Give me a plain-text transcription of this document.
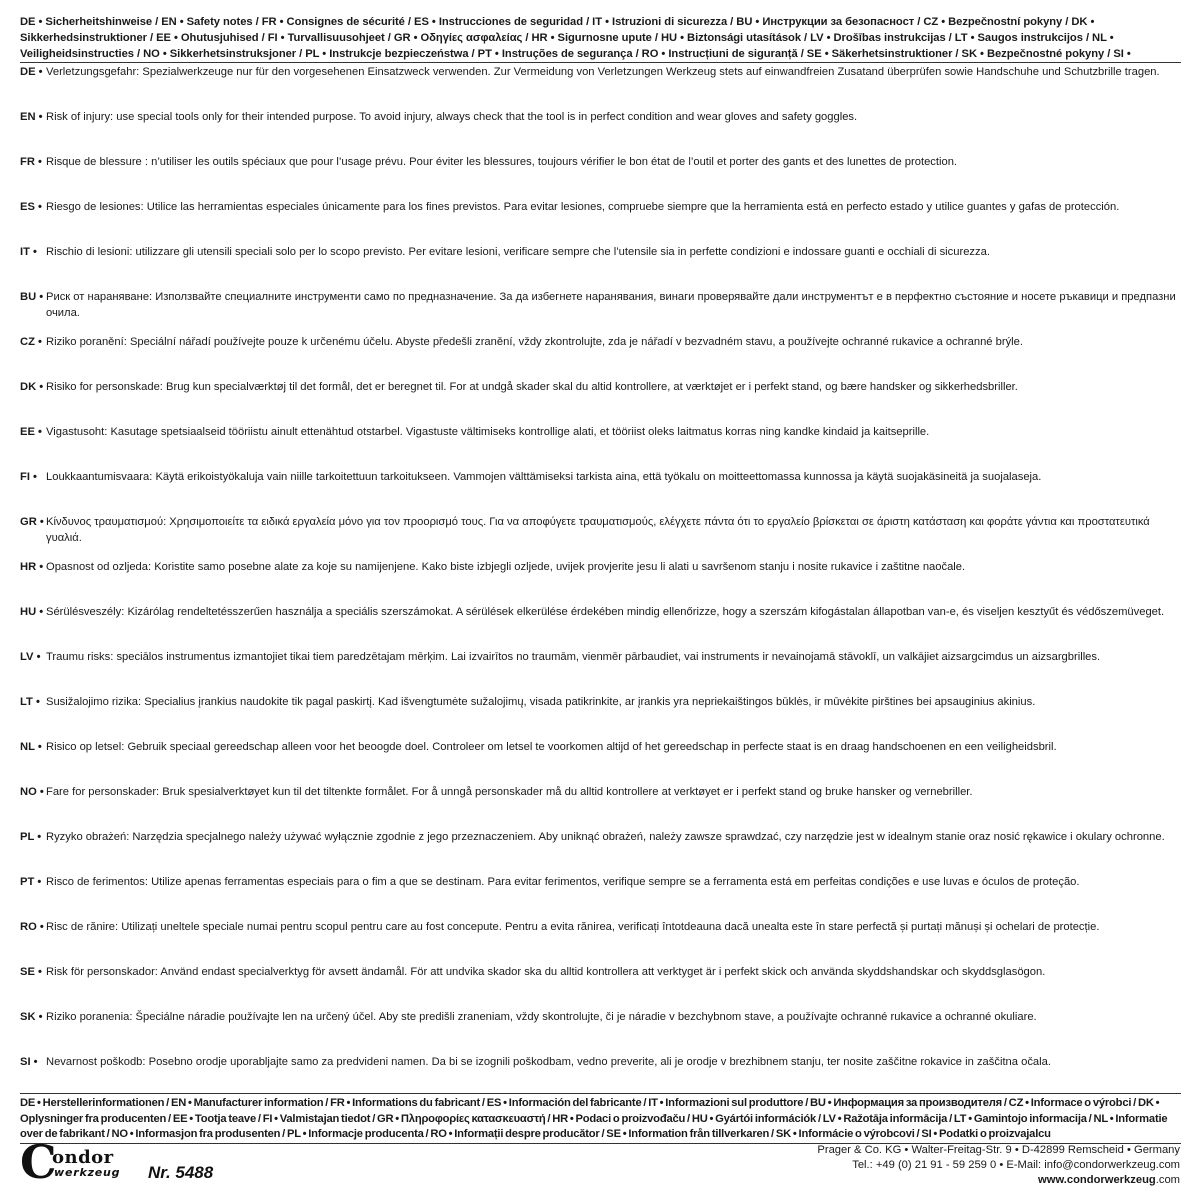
DE • Sicherheitshinweise / EN • Safety notes / FR • Consignes de sécurité / ES • Instrucciones de seguridad / IT • Istruzioni di sicurezza / BU • Инструкции за безопасност / CZ • Bezpečnostní pokyny / DK • Sikkerhedsinstruktioner / EE • Ohutusjuhised / FI • Turvallisuusohjeet / GR • Οδηγίες ασφαλείας / HR • Sigurnosne upute / HU • Biztonsági utasítások / LV • Drošības instrukcijas / LT • Saugos instrukcijos / NL • Veiligheidsinstructies / NO • Sikkerhetsinstruksjoner / PL • Instrukcje bezpieczeństwa / PT • Instruções de segurança / RO • Instrucțiuni de siguranță / SE • Säkerhetsinstruktioner / SK • Bezpečnostné pokyny / SI •
DE • Verletzungsgefahr: Spezialwerkzeuge nur für den vorgesehenen Einsatzweck verwenden. Zur Vermeidung von Verletzungen Werkzeug stets auf einwandfreien Zusatand überprüfen sowie Handschuhe und Schutzbrille tragen.
EN • Risk of injury: use special tools only for their intended purpose. To avoid injury, always check that the tool is in perfect condition and wear gloves and safety goggles.
FR • Risque de blessure : n’utiliser les outils spéciaux que pour l’usage prévu. Pour éviter les blessures, toujours vérifier le bon état de l’outil et porter des gants et des lunettes de protection.
ES • Riesgo de lesiones: Utilice las herramientas especiales únicamente para los fines previstos. Para evitar lesiones, compruebe siempre que la herramienta está en perfecto estado y utilice guantes y gafas de protección.
IT • Rischio di lesioni: utilizzare gli utensili speciali solo per lo scopo previsto. Per evitare lesioni, verificare sempre che l’utensile sia in perfette condizioni e indossare guanti e occhiali di sicurezza.
BU • Риск от нараняване: Използвайте специалните инструменти само по предназначение. За да избегнете наранявания, винаги проверявайте дали инструментът е в перфектно състояние и носете ръкавици и предпазни очила.
CZ • Riziko poranění: Speciální nářadí používejte pouze k určenému účelu. Abyste předešli zranění, vždy zkontrolujte, zda je nářadí v bezvadném stavu, a používejte ochranné rukavice a ochranné brýle.
DK • Risiko for personskade: Brug kun specialværktøj til det formål, det er beregnet til. For at undgå skader skal du altid kontrollere, at værktøjet er i perfekt stand, og bære handsker og sikkerhedsbriller.
EE • Vigastusoht: Kasutage spetsiaalseid tööriistu ainult ettenähtud otstarbel. Vigastuste vältimiseks kontrollige alati, et tööriist oleks laitmatus korras ning kandke kindaid ja kaitseprille.
FI • Loukkaantumisvaara: Käytä erikoistyökaluja vain niille tarkoitettuun tarkoitukseen. Vammojen välttämiseksi tarkista aina, että työkalu on moitteettomassa kunnossa ja käytä suojakäsineitä ja suojalaseja.
GR • Κίνδυνος τραυματισμού: Χρησιμοποιείτε τα ειδικά εργαλεία μόνο για τον προορισμό τους. Για να αποφύγετε τραυματισμούς, ελέγχετε πάντα ότι το εργαλείο βρίσκεται σε άριστη κατάσταση και φοράτε γάντια και προστατευτικά γυαλιά.
HR • Opasnost od ozljeda: Koristite samo posebne alate za koje su namijenjene. Kako biste izbjegli ozljede, uvijek provjerite jesu li alati u savršenom stanju i nosite rukavice i zaštitne naočale.
HU • Sérülésveszély: Kizárólag rendeltetésszerűen használja a speciális szerszámokat. A sérülések elkerülése érdekében mindig ellenőrizze, hogy a szerszám kifogástalan állapotban van-e, és viseljen kesztyűt és védőszemüveget.
LV • Traumu risks: speciālos instrumentus izmantojiet tikai tiem paredzētajam mērķim. Lai izvairītos no traumām, vienmēr pārbaudiet, vai instruments ir nevainojamā stāvoklī, un valkājiet aizsargcimdus un aizsargbrilles.
LT • Susižalojimo rizika: Specialius įrankius naudokite tik pagal paskirtį. Kad išvengtumėte sužalojimų, visada patikrinkite, ar įrankis yra nepriekaištingos būklės, ir mūvėkite pirštines bei apsauginius akinius.
NL • Risico op letsel: Gebruik speciaal gereedschap alleen voor het beoogde doel. Controleer om letsel te voorkomen altijd of het gereedschap in perfecte staat is en draag handschoenen en een veiligheidsbril.
NO • Fare for personskader: Bruk spesialverktøyet kun til det tiltenkte formålet. For å unngå personskader må du alltid kontrollere at verktøyet er i perfekt stand og bruke hansker og vernebriller.
PL • Ryzyko obrażeń: Narzędzia specjalnego należy używać wyłącznie zgodnie z jego przeznaczeniem. Aby uniknąć obrażeń, należy zawsze sprawdzać, czy narzędzie jest w idealnym stanie oraz nosić rękawice i okulary ochronne.
PT • Risco de ferimentos: Utilize apenas ferramentas especiais para o fim a que se destinam. Para evitar ferimentos, verifique sempre se a ferramenta está em perfeitas condições e use luvas e óculos de proteção.
RO • Risc de rănire: Utilizați uneltele speciale numai pentru scopul pentru care au fost concepute. Pentru a evita rănirea, verificați întotdeauna dacă unealta este în stare perfectă și purtați mănuși și ochelari de protecție.
SE • Risk för personskador: Använd endast specialverktyg för avsett ändamål. För att undvika skador ska du alltid kontrollera att verktyget är i perfekt skick och använda skyddshandskar och skyddsglasögon.
SK • Riziko poranenia: Špeciálne náradie používajte len na určený účel. Aby ste predišli zraneniam, vždy skontrolujte, či je náradie v bezchybnom stave, a používajte ochranné rukavice a ochranné okuliare.
SI • Nevarnost poškodb: Posebno orodje uporabljajte samo za predvideni namen. Da bi se izognili poškodbam, vedno preverite, ali je orodje v brezhibnem stanju, ter nosite zaščitne rokavice in zaščitna očala.
DE • Herstellerinformationen / EN • Manufacturer information / FR • Informations du fabricant / ES • Información del fabricante / IT • Informazioni sul produttore / BU • Информация за производителя / CZ • Informace o výrobci / DK • Oplysninger fra producenten / EE • Tootja teave / FI • Valmistajan tiedot / GR • Πληροφορίες κατασκευαστή / HR • Podaci o proizvođaču / HU • Gyártói információk / LV • Ražotāja informācija / LT • Gamintojo informacija / NL • Informatie over de fabrikant / NO • Informasjon fra produsenten / PL • Informacje producenta / RO • Informații despre producător / SE • Information från tillverkaren / SK • Informácie o výrobcovi / SI • Podatki o proizvajalcu
C
ondor
werkzeug Nr. 5488
Prager & Co. KG • Walter-Freitag-Str. 9 • D-42899 Remscheid • Germany
Tel.: +49 (0) 21 91 - 59 259 0 • E-Mail: info@condorwerkzeug.com
www.condorwerkzeug.com
